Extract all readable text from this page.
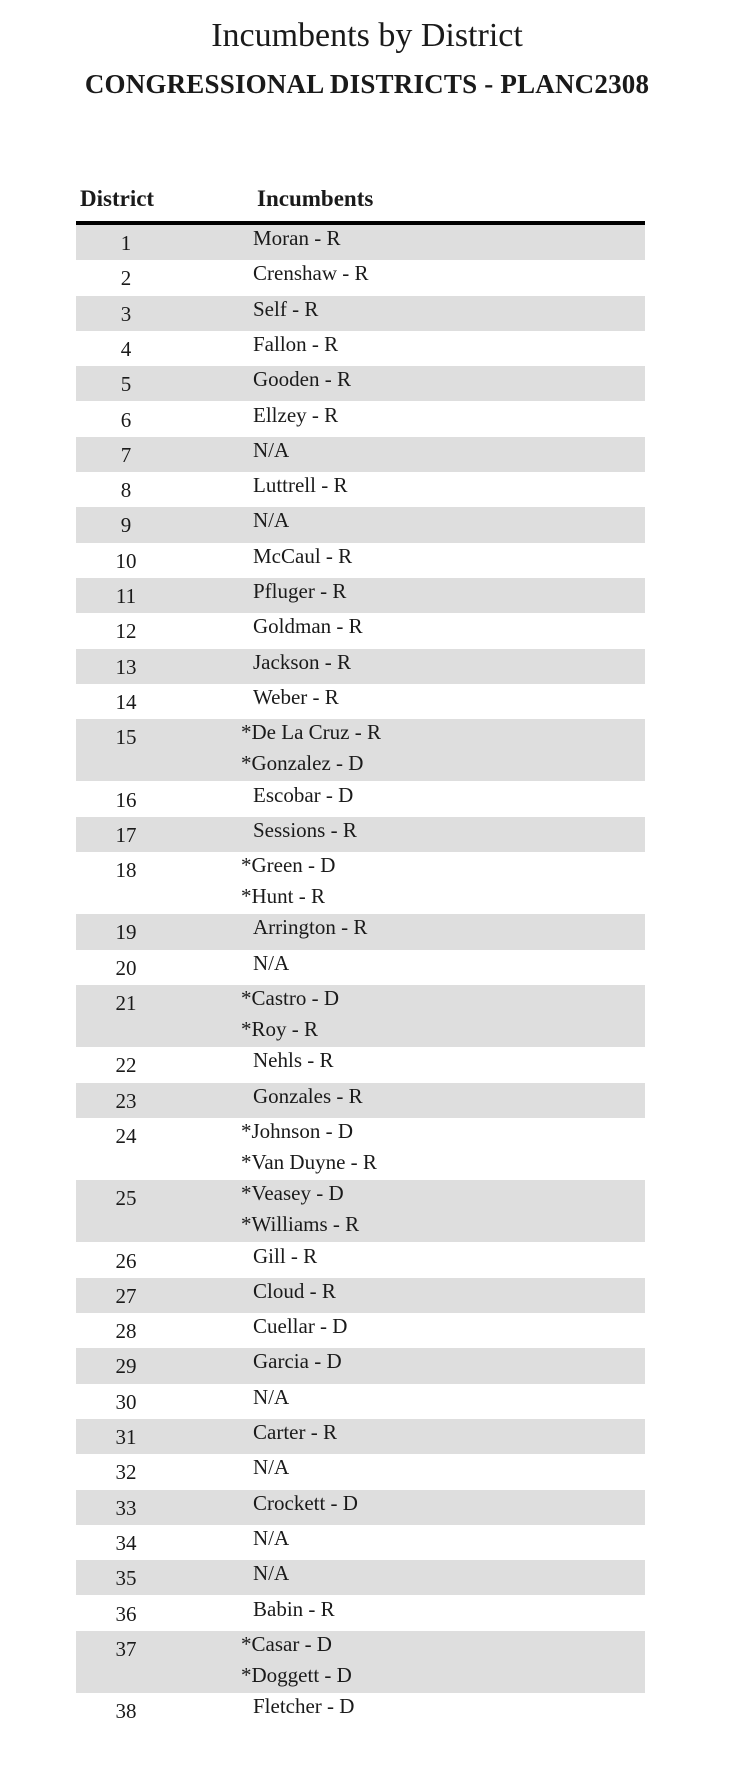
Incumbents by District
CONGRESSIONAL DISTRICTS - PLANC2308
District	Incumbents
1	Moran - R
2	Crenshaw - R
3	Self - R
4	Fallon - R
5	Gooden - R
6	Ellzey - R
7	N/A
8	Luttrell - R
9	N/A
10	McCaul - R
11	Pfluger - R
12	Goldman - R
13	Jackson - R
14	Weber - R
15	*De La Cruz - R
*Gonzalez - D
16	Escobar - D
17	Sessions - R
18	*Green - D
*Hunt - R
19	Arrington - R
20	N/A
21	*Castro - D
*Roy - R
22	Nehls - R
23	Gonzales - R
24	*Johnson - D
*Van Duyne - R
25	*Veasey - D
*Williams - R
26	Gill - R
27	Cloud - R
28	Cuellar - D
29	Garcia - D
30	N/A
31	Carter - R
32	N/A
33	Crockett - D
34	N/A
35	N/A
36	Babin - R
37	*Casar - D
*Doggett - D
38	Fletcher - D
